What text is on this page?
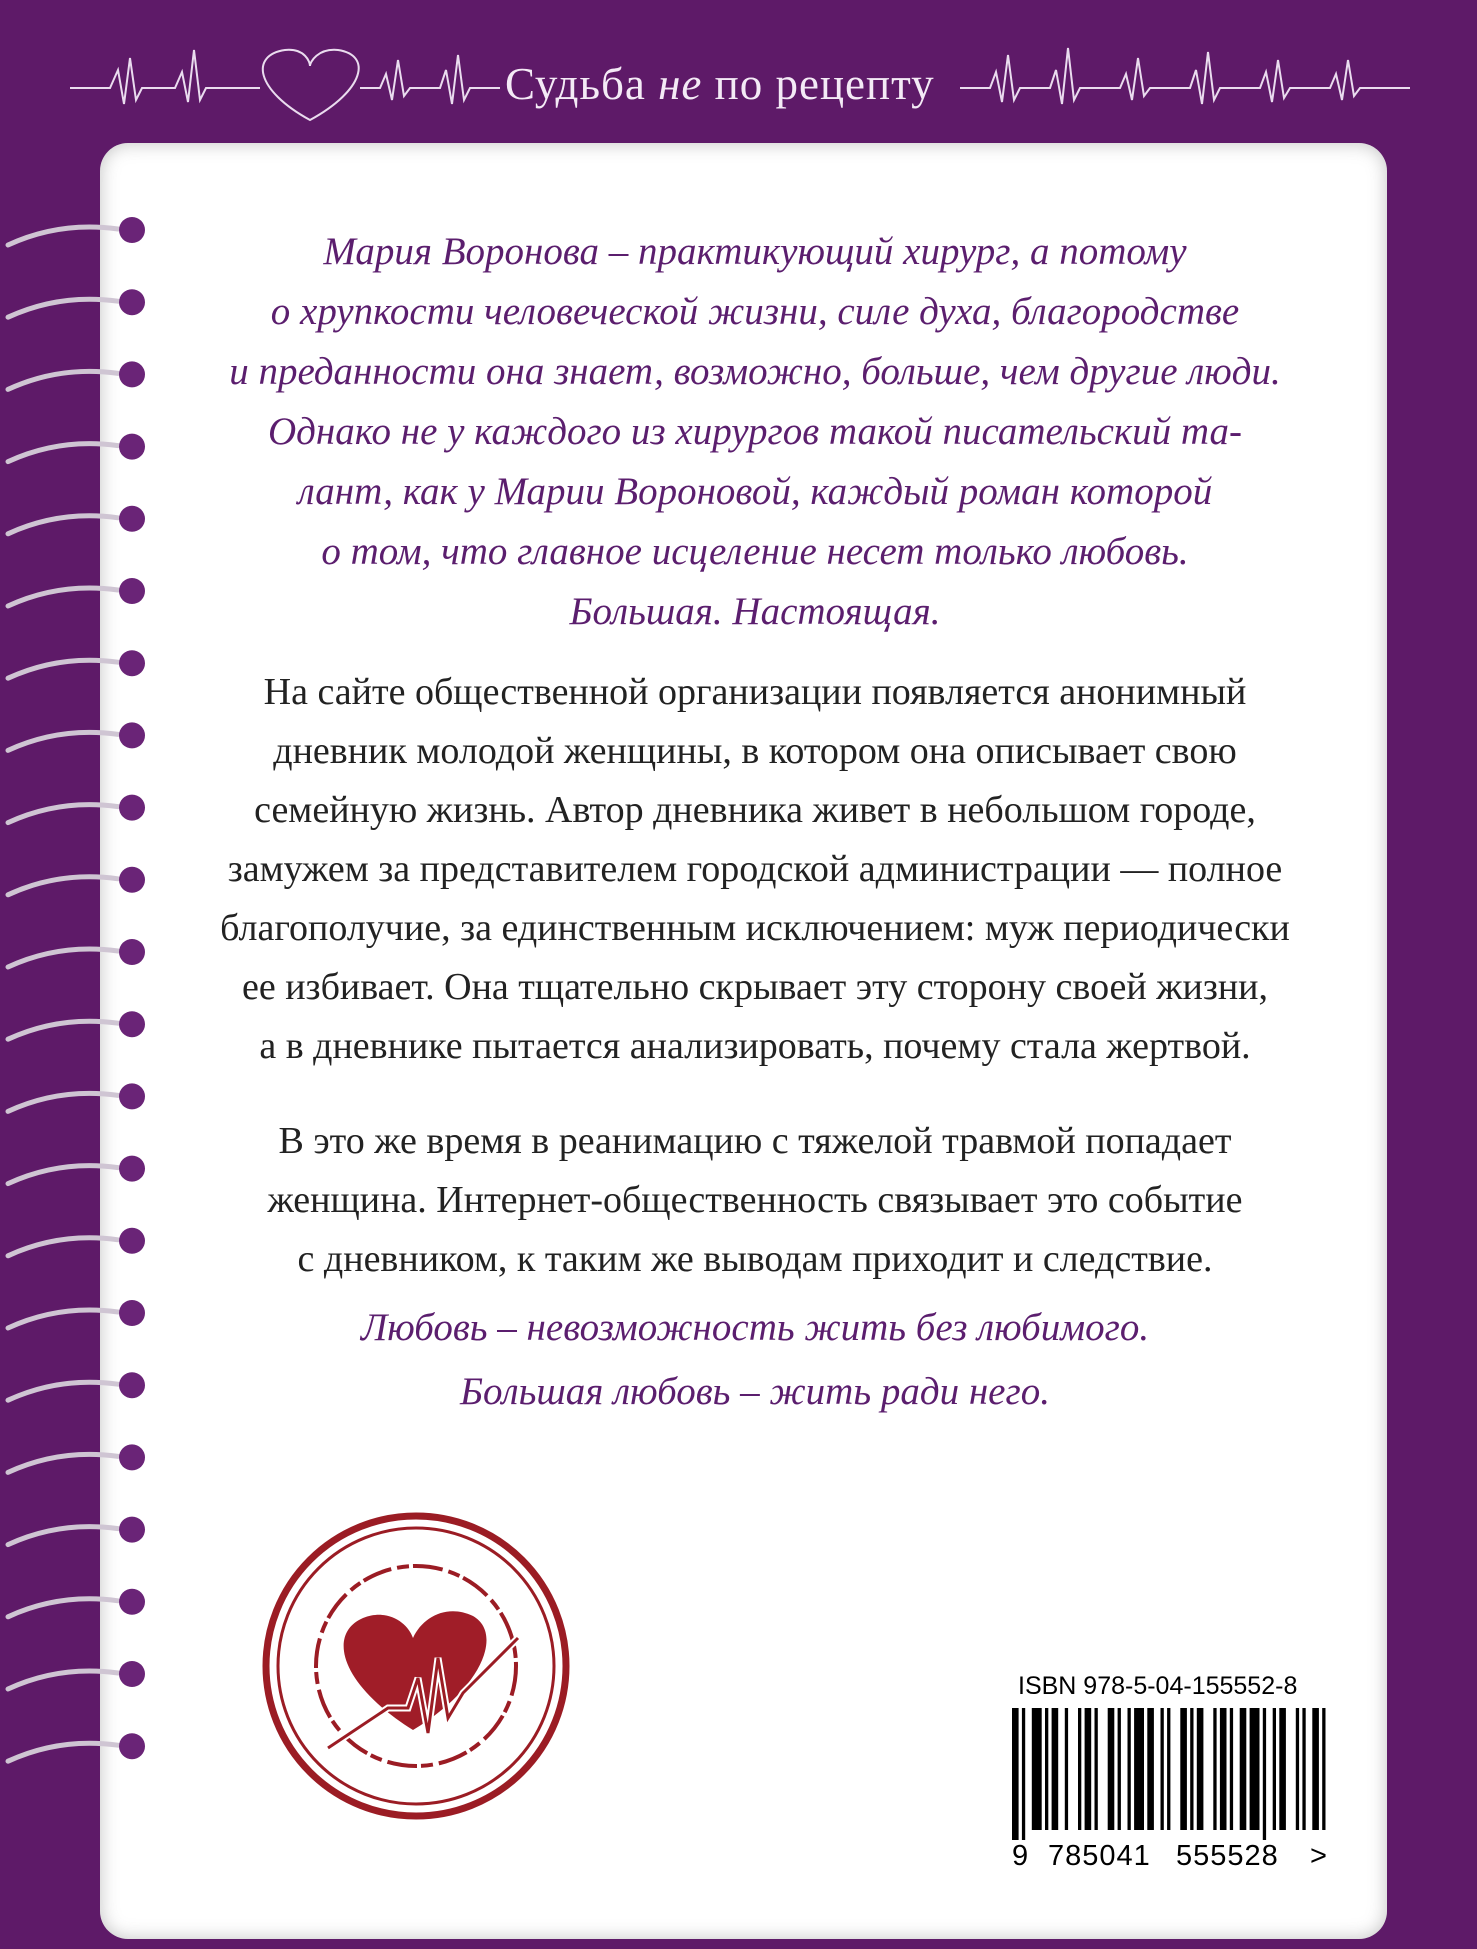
Судьба не по рецепту

Мария Воронова – практикующий хирург, а потому

о хрупкости человеческой жизни, силе духа, благородстве

и преданности она знает, возможно, больше, чем другие люди.

Однако не у каждого из хирургов такой писательский та-

лант, как у Марии Вороновой, каждый роман которой

о том, что главное исцеление несет только любовь.

Большая. Настоящая.

На сайте общественной организации появляется анонимный
дневник молодой женщины, в котором она описывает свою
семейную жизнь. Автор дневника живет в небольшом городе,
замужем за представителем городской администрации — полное
благополучие, за единственным исключением: муж периодически
ее избивает. Она тщательно скрывает эту сторону своей жизни,
а в дневнике пытается анализировать, почему стала жертвой.

В это же время в реанимацию с тяжелой травмой попадает
женщина. Интернет-общественность связывает это событие
с дневником, к таким же выводам приходит и следствие.

Любовь – невозможность жить без любимого.

Большая любовь – жить ради него.

ISBN 978-5-04-155552-8
9 785041 555528 >
